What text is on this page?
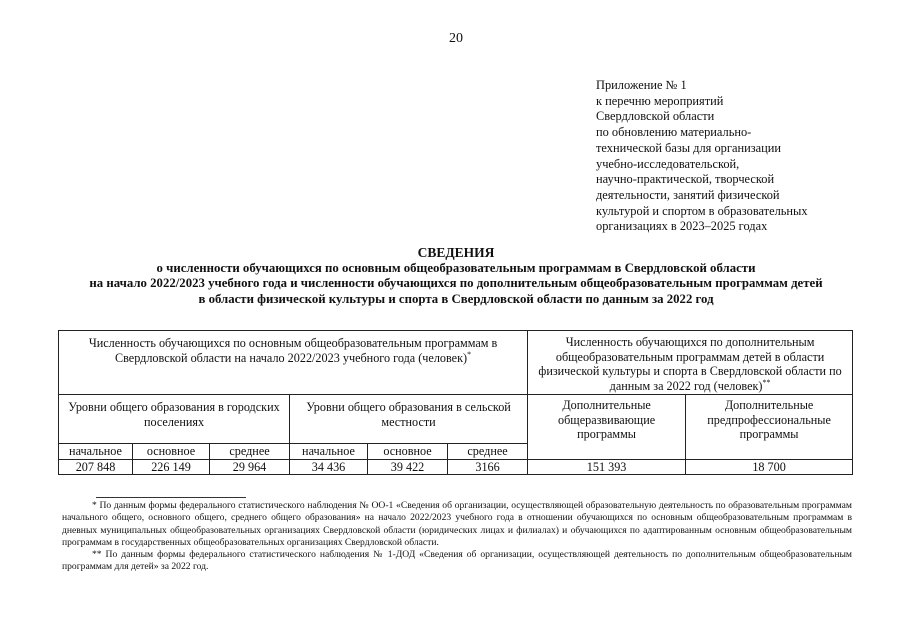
20
Приложение № 1
к перечню мероприятий
Свердловской области
по обновлению материально-
технической базы для организации
учебно-исследовательской,
научно-практической, творческой
деятельности, занятий физической
культурой и спортом в образовательных
организациях в 2023–2025 годах
СВЕДЕНИЯ
о численности обучающихся по основным общеобразовательным программам в Свердловской области
на начало 2022/2023 учебного года и численности обучающихся по дополнительным общеобразовательным программам детей
в области физической культуры и спорта в Свердловской области по данным за 2022 год
Численность обучающихся по основным общеобразовательным программам в Свердловской области на начало 2022/2023 учебного года (человек)*						Численность обучающихся по дополнительным общеобразовательным программам детей в области физической культуры и спорта в Свердловской области по данным за 2022 год (человек)**
Уровни общего образования в городских поселениях			Уровни общего образования в сельской местности			Дополнительные общеразвивающие программы	Дополнительные предпрофессиональные программы
начальное	основное	среднее	начальное	основное	среднее		
207 848	226 149	29 964	34 436	39 422	3166	151 393	18 700

* По данным формы федерального статистического наблюдения № ОО-1 «Сведения об организации, осуществляющей образовательную деятельность по образовательным программам начального общего, основного общего, среднего общего образования» на начало 2022/2023 учебного года в отношении обучающихся по основным общеобразовательным программам в дневных муниципальных общеобразовательных организациях Свердловской области (юридических лицах и филиалах) и обучающихся по адаптированным основным общеобразовательным программам в государственных общеобразовательных организациях Свердловской области.

** По данным формы федерального статистического наблюдения № 1-ДОД «Сведения об организации, осуществляющей деятельность по дополнительным общеобразовательным программам для детей» за 2022 год.
